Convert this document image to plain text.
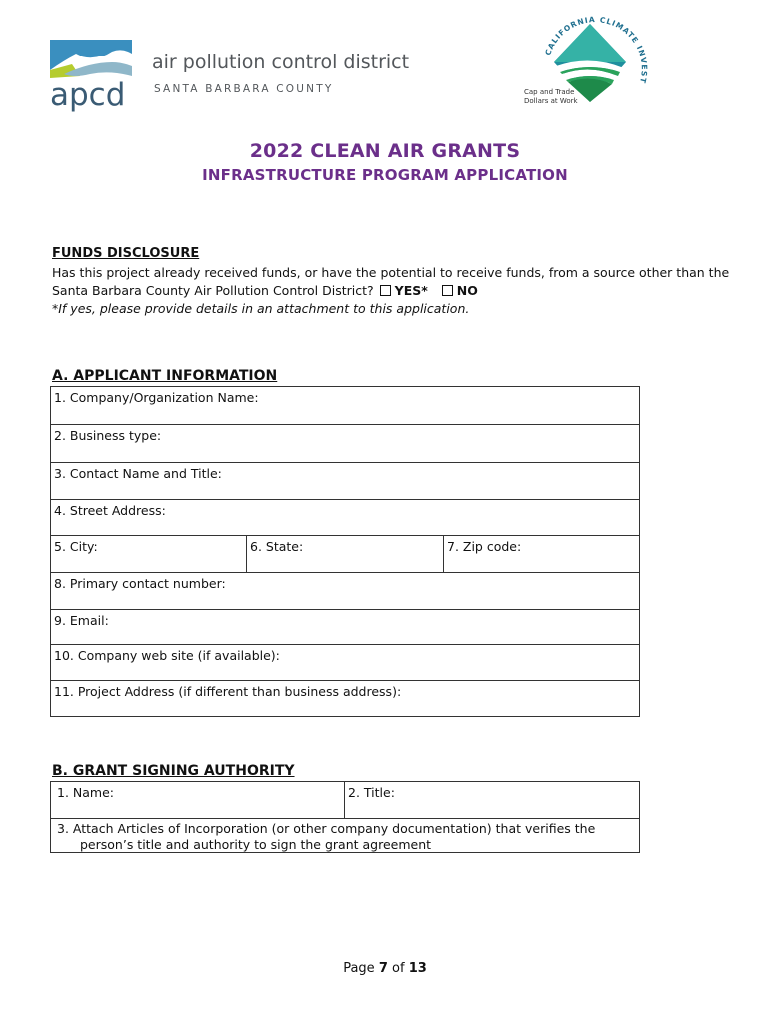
apcd
air pollution control district
SANTA BARBARA COUNTY
CALIFORNIA CLIMATE INVEST
Cap and Trade
Dollars at Work
2022 CLEAN AIR GRANTS
INFRASTRUCTURE PROGRAM APPLICATION
FUNDS DISCLOSURE
Has this project already received funds, or have the potential to receive funds, from a source other than the
Santa Barbara County Air Pollution Control District? YES* NO
*If yes, please provide details in an attachment to this application.
A. APPLICANT INFORMATION
1. Company/Organization Name:
2. Business type:
3. Contact Name and Title:
4. Street Address:
5. City:	6. State:	7. Zip code:
8. Primary contact number:
9. Email:
10. Company web site (if available):
11. Project Address (if different than business address):
B. GRANT SIGNING AUTHORITY
1. Name:	2. Title:
3. Attach Articles of Incorporation (or other company documentation) that verifies the
person’s title and authority to sign the grant agreement
Page 7 of 13
